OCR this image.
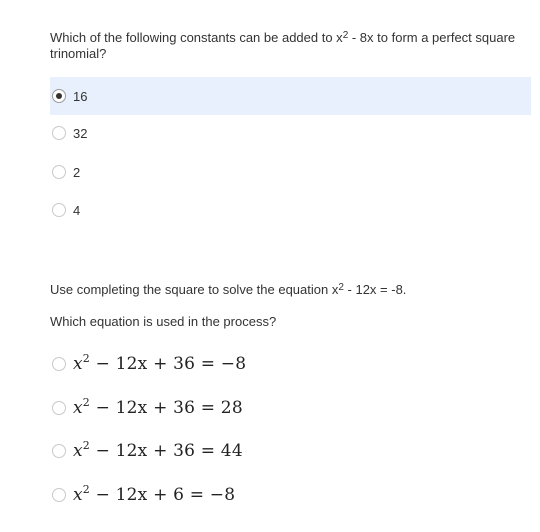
Which of the following constants can be added to $x^2 - 8x$ to form a perfect square trinomial?
16
32
2
4
Use completing the square to solve the equation $x^2 - 12x = -8$.
Which equation is used in the process?
$x^2 - 12x + 36 = -8$
$x^2 - 12x + 36 = 28$
$x^2 - 12x + 36 = 44$
$x^2 - 12x + 6 = -8$
